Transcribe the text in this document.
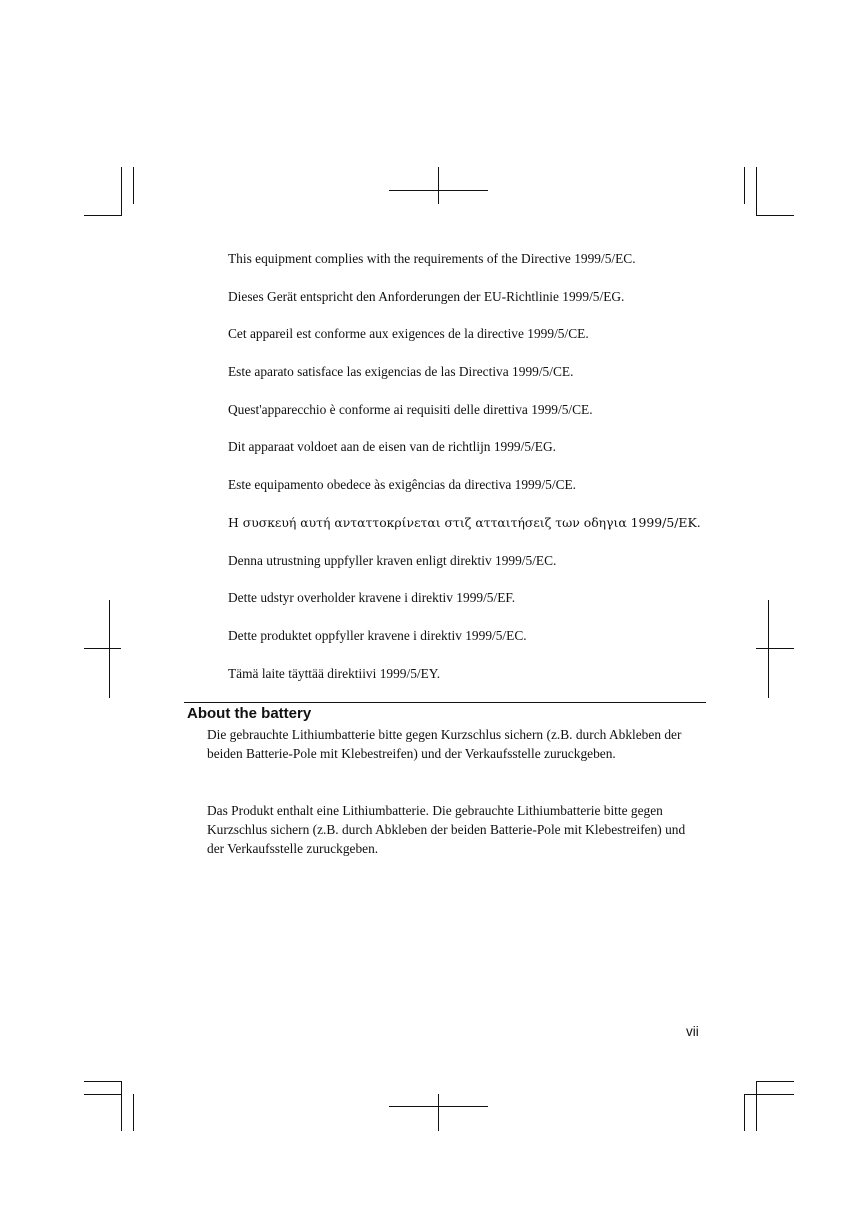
This equipment complies with the requirements of the Directive 1999/5/EC.
Dieses Gerät entspricht den Anforderungen der EU-Richtlinie 1999/5/EG.
Cet appareil est conforme aux exigences de la directive 1999/5/CE.
Este aparato satisface las exigencias de las Directiva 1999/5/CE.
Quest'apparecchio è conforme ai requisiti delle direttiva 1999/5/CE.
Dit apparaat voldoet aan de eisen van de richtlijn 1999/5/EG.
Este equipamento obedece às exigências da directiva 1999/5/CE.
Η συσκευή αυτή ανταττοκρίνεται στιζ ατταιτήσειζ των οδηγια 1999/5/EK.
Denna utrustning uppfyller kraven enligt direktiv 1999/5/EC.
Dette udstyr overholder kravene i direktiv 1999/5/EF.
Dette produktet oppfyller kravene i direktiv 1999/5/EC.
Tämä laite täyttää direktiivi 1999/5/EY.
About the battery

Die gebrauchte Lithiumbatterie bitte gegen Kurzschlus sichern (z.B. durch Abkleben der beiden Batterie-Pole mit Klebestreifen) und der Verkaufsstelle zuruckgeben.

Das Produkt enthalt eine Lithiumbatterie. Die gebrauchte Lithiumbatterie bitte gegen Kurzschlus sichern (z.B. durch Abkleben der beiden Batterie-Pole mit Klebestreifen) und der Verkaufsstelle zuruckgeben.

vii
